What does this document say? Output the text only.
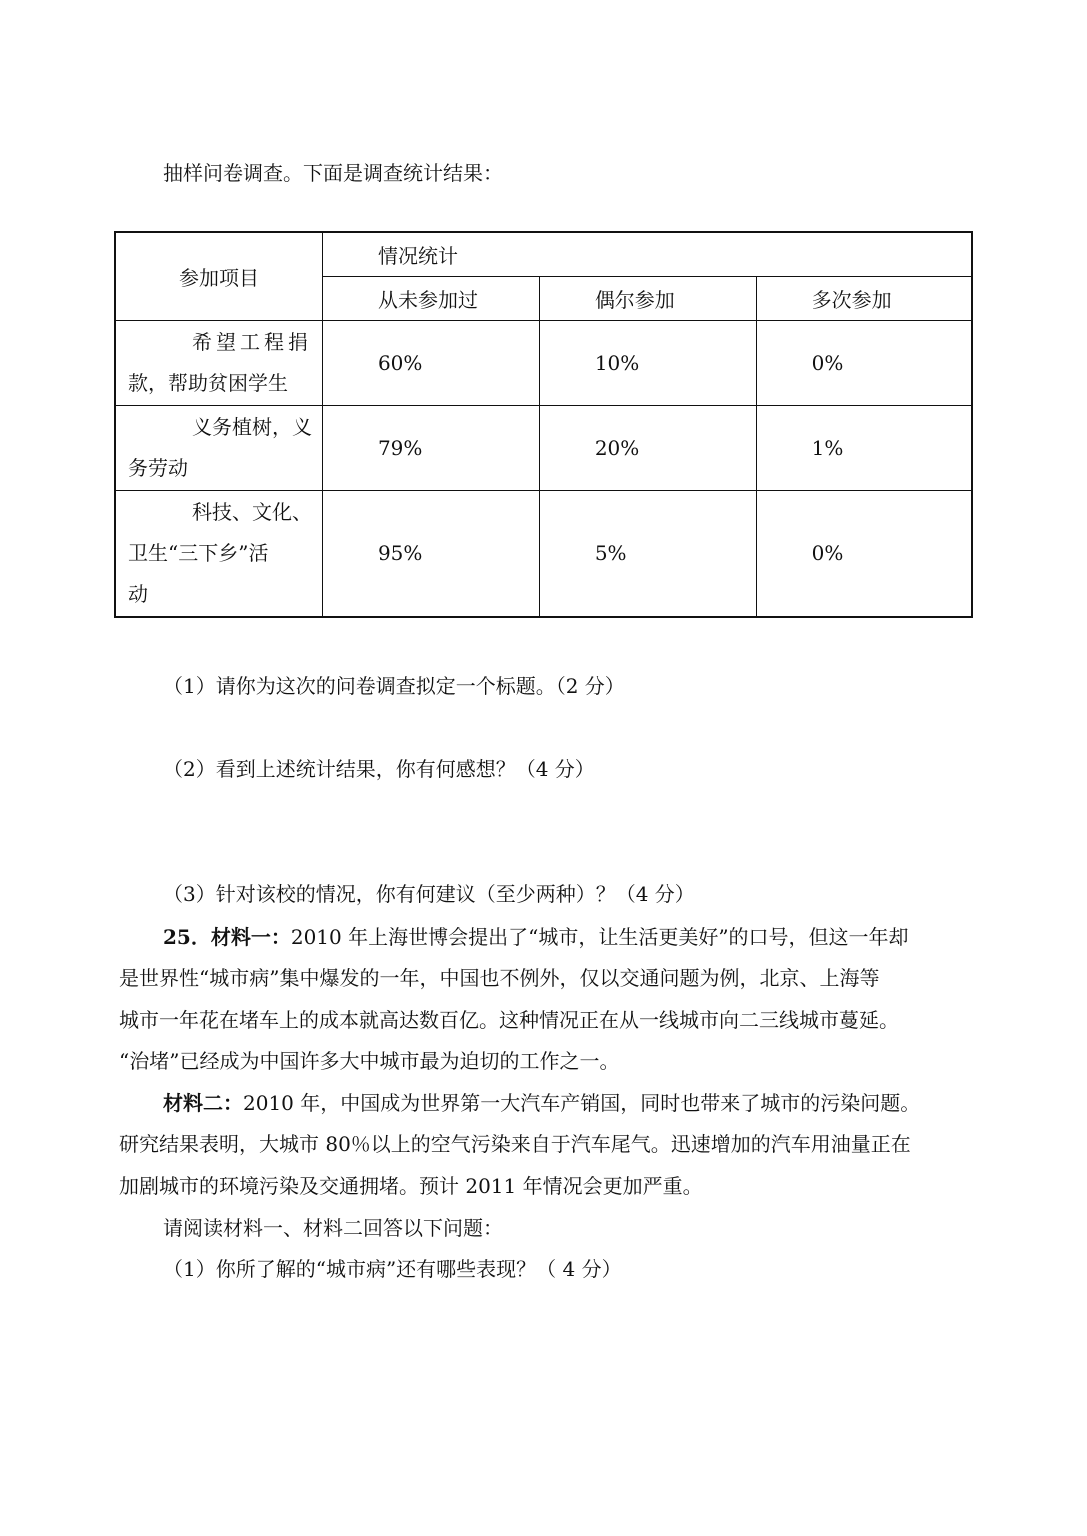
抽样问卷调查。下面是调查统计结果：
参加项目	情况统计		
	从未参加过	偶尔参加	多次参加

希望工程捐
款，帮助贫困学生	60%	10%	0%

义务植树，义
务劳动	79%	20%	1%

科技、文化、
卫生“三下乡”活
动	95%	5%	0%
（1）请你为这次的问卷调查拟定一个标题。（2 分）
（2）看到上述统计结果，你有何感想？（4 分）
（3）针对该校的情况，你有何建议（至少两种）？（4 分）
25．材料一：2010 年上海世博会提出了“城市，让生活更美好”的口号，但这一年却
是世界性“城市病”集中爆发的一年，中国也不例外，仅以交通问题为例，北京、上海等
城市一年花在堵车上的成本就高达数百亿。这种情况正在从一线城市向二三线城市蔓延。
“治堵”已经成为中国许多大中城市最为迫切的工作之一。
材料二：2010 年，中国成为世界第一大汽车产销国，同时也带来了城市的污染问题。
研究结果表明，大城市 80％以上的空气污染来自于汽车尾气。迅速增加的汽车用油量正在
加剧城市的环境污染及交通拥堵。预计 2011 年情况会更加严重。
请阅读材料一、材料二回答以下问题：
（1）你所了解的“城市病”还有哪些表现？（ 4 分）
